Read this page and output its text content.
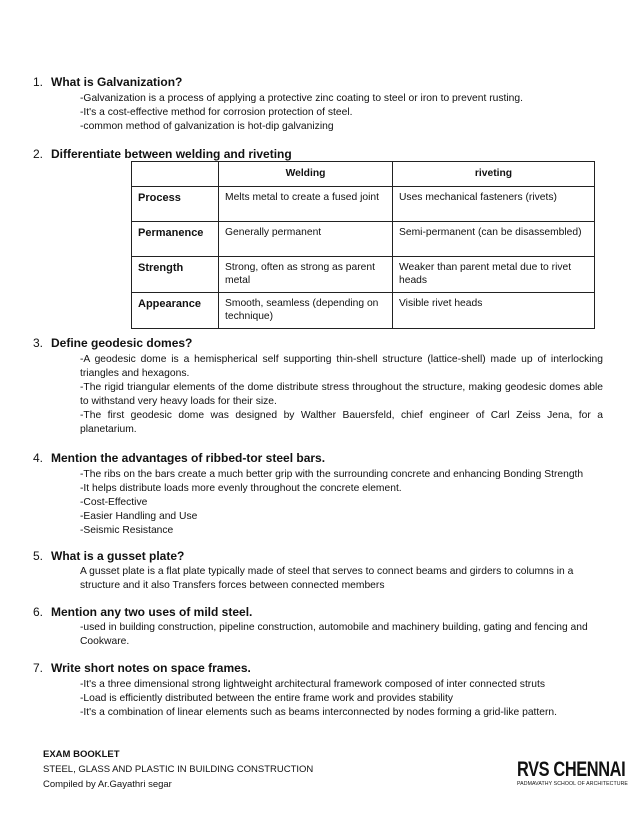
1. What is Galvanization?
-Galvanization is a process of applying a protective zinc coating to steel or iron to prevent rusting.
-It's a cost-effective method for corrosion protection of steel.
-common method of galvanization is hot-dip galvanizing
2. Differentiate between welding and riveting
	Welding	riveting
Process	Melts metal to create a fused joint	Uses mechanical fasteners (rivets)
Permanence	Generally permanent	Semi-permanent (can be disassembled)
Strength	Strong, often as strong as parent metal	Weaker than parent metal due to rivet heads
Appearance	Smooth, seamless (depending on technique)	Visible rivet heads
3. Define geodesic domes?
-A geodesic dome is a hemispherical self supporting thin-shell structure (lattice-shell) made up of interlocking triangles and hexagons.
-The rigid triangular elements of the dome distribute stress throughout the structure, making geodesic domes able to withstand very heavy loads for their size.
-The first geodesic dome was designed by Walther Bauersfeld, chief engineer of Carl Zeiss Jena, for a planetarium.
4. Mention the advantages of ribbed-tor steel bars.
-The ribs on the bars create a much better grip with the surrounding concrete and enhancing Bonding Strength
-It helps distribute loads more evenly throughout the concrete element.
-Cost-Effective
-Easier Handling and Use
-Seismic Resistance
5. What is a gusset plate?
A gusset plate is a flat plate typically made of steel that serves to connect beams and girders to columns in a structure and it also Transfers forces between connected members
6. Mention any two uses of mild steel.
-used in building construction, pipeline construction, automobile and machinery building, gating and fencing and Cookware.
7. Write short notes on space frames.
-It's a three dimensional strong lightweight architectural framework composed of inter connected struts
-Load is efficiently distributed between the entire frame work and provides stability
-It's a combination of linear elements such as beams interconnected by nodes forming a grid-like pattern.
EXAM BOOKLET
STEEL, GLASS AND PLASTIC IN BUILDING CONSTRUCTION
Compiled by Ar.Gayathri segar
RVS CHENNAI
PADMAVATHY SCHOOL OF ARCHITECTURE
